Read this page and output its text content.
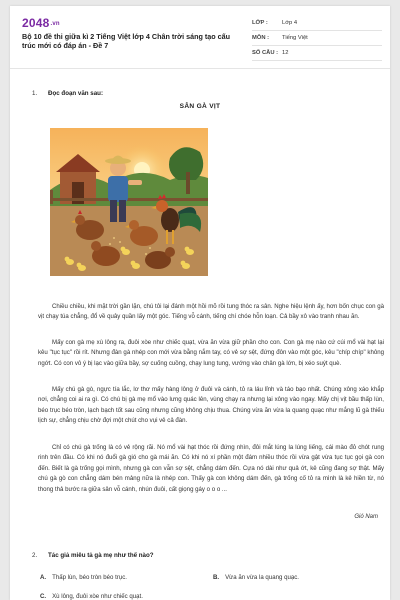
2048.vn
Bộ 10 đề thi giữa kì 2 Tiếng Việt lớp 4 Chân trời sáng tạo cấu trúc mới có đáp án - Đề 7
LỚP :	Lớp 4
MÔN :	Tiếng Việt
SỐ CÂU : 12
1. Đọc đoạn văn sau:
SÂN GÀ VỊT

Chiều chiều, khi mặt trời gần lặn, chú tôi lại đánh một hồi mõ rồi tung thóc ra sân. Nghe hiệu lệnh ấy, hơn bốn chục con gà vịt chạy túa chẳng, đổ về quây quần lấy một góc. Tiếng vỗ cánh, tiếng chí chóe hỗn loạn. Cả bầy xô vào tranh nhau ăn.

Mấy con gà mẹ xù lông ra, đuôi xòe như chiếc quạt, vừa ăn vừa giữ phần cho con. Con gà mẹ nào cứ cúi mổ vài hạt lại kêu "tục tục" rồi rít. Nhưng đàn gà nhép con mới vừa bằng nắm tay, có vẻ sợ sệt, đứng đôn vào một góc, kêu "chíp chíp" không ngớt. Có con vô ý bị lạc vào giữa bầy, sợ cuống cuồng, chạy lung tung, vướng vào chân gà lớn, bị xéo suýt què.

Mấy chú gà gò, ngực tía lắc, lơ thơ mấy hàng lông ở đuôi và cánh, tỏ ra láu lỉnh và táo bạo nhất. Chúng xông xáo khắp nơi, chẳng coi ai ra gì. Có chú bị gà mẹ mổ vào lưng quác lên, vùng chạy ra nhưng lại xông vào ngay. Mấy chị vịt bầu thấp lùn, béo trục béo tròn, lạch bạch tốt sau cũng nhưng cũng không chịu thua. Chúng vừa ăn vừa la quang quạc như mắng lũ gà thiếu lịch sự, chẳng chịu chờ đợi một chút cho vụi vẻ cả đàn.

Chỉ có chú gà trống là có vẻ rộng rãi. Nó mổ vài hạt thóc rồi đứng nhìn, đôi mắt lúng la lúng liếng, cái mào đỏ chót rung rinh trên đầu. Có khi nó đuổi gà gió cho gà mái ăn. Có khi nó xí phần một đám nhiều thóc rồi vừa gật vừa tục tục gọi gà con đến. Biết là gà trống gọi mình, nhưng gà con vẫn sợ sệt, chẳng dám đến. Cựa nó dài như quả ớt, kẻ cũng đang sợ thật. Mấy chú gà gò con chẳng dám bén mảng nữa là nhép con. Thấy gà con không dám đến, gà trống cố tỏ ra mình là kẻ hiền từ, nó thong thả bước ra giữa sân vỗ cánh, nhún đuôi, cất giọng gáy o o o ...

Gió Nam
2. Tác giả miêu tả gà mẹ như thế nào?
A. Thấp lùn, béo tròn béo trục.	B. Vừa ăn vừa la quang quạc.
C. Xù lông, đuôi xòe như chiếc quạt.
